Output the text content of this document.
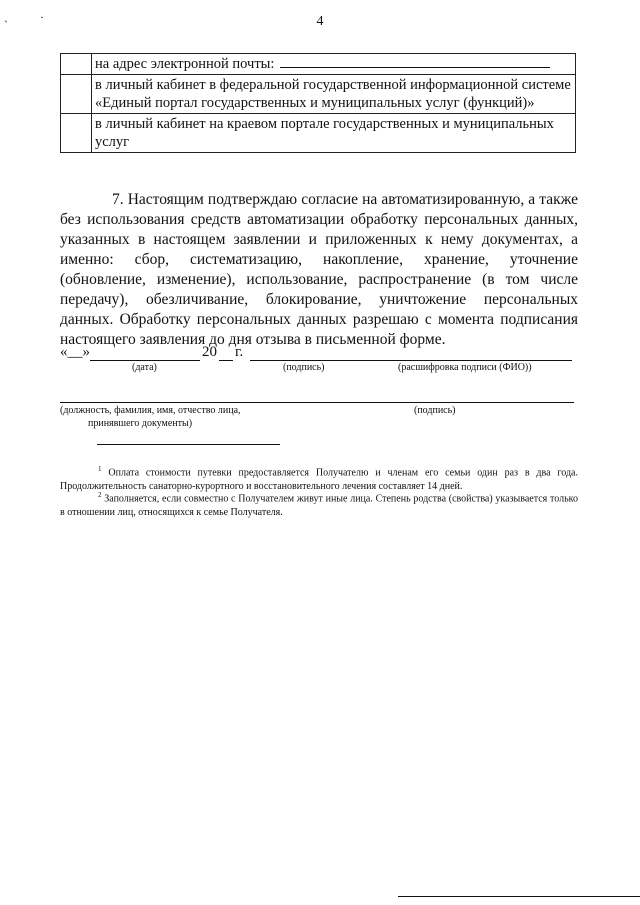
`
·	4
	на адрес электронной почты:
	в личный кабинет в федеральной государственной информационной системе «Единый портал государственных и муниципальных услуг (функций)»
	в личный кабинет на краевом портале государственных и муниципальных услуг
7. Настоящим подтверждаю согласие на автоматизированную, а также без использования средств автоматизации обработку персональных данных, указанных в настоящем заявлении и приложенных к нему документах, а именно: сбор, систематизацию, накопление, хранение, уточнение (обновление, изменение), использование, распространение (в том числе передачу), обезличивание, блокирование, уничтожение персональных данных. Обработку персональных данных разрешаю с момента подписания настоящего заявления до дня отзыва в письменной форме.
«__»	20 г.
(дата)	(подпись)	(расшифровка подписи (ФИО))
(должность, фамилия, имя, отчество лица,
принявшего документы)
(подпись)
$^1$ Оплата стоимости путевки предоставляется Получателю и членам его семьи один раз в два года. Продолжительность санаторно-курортного и восстановительного лечения составляет 14 дней.
$^2$ Заполняется, если совместно с Получателем живут иные лица. Степень родства (свойства) указывается только в отношении лиц, относящихся к семье Получателя.
